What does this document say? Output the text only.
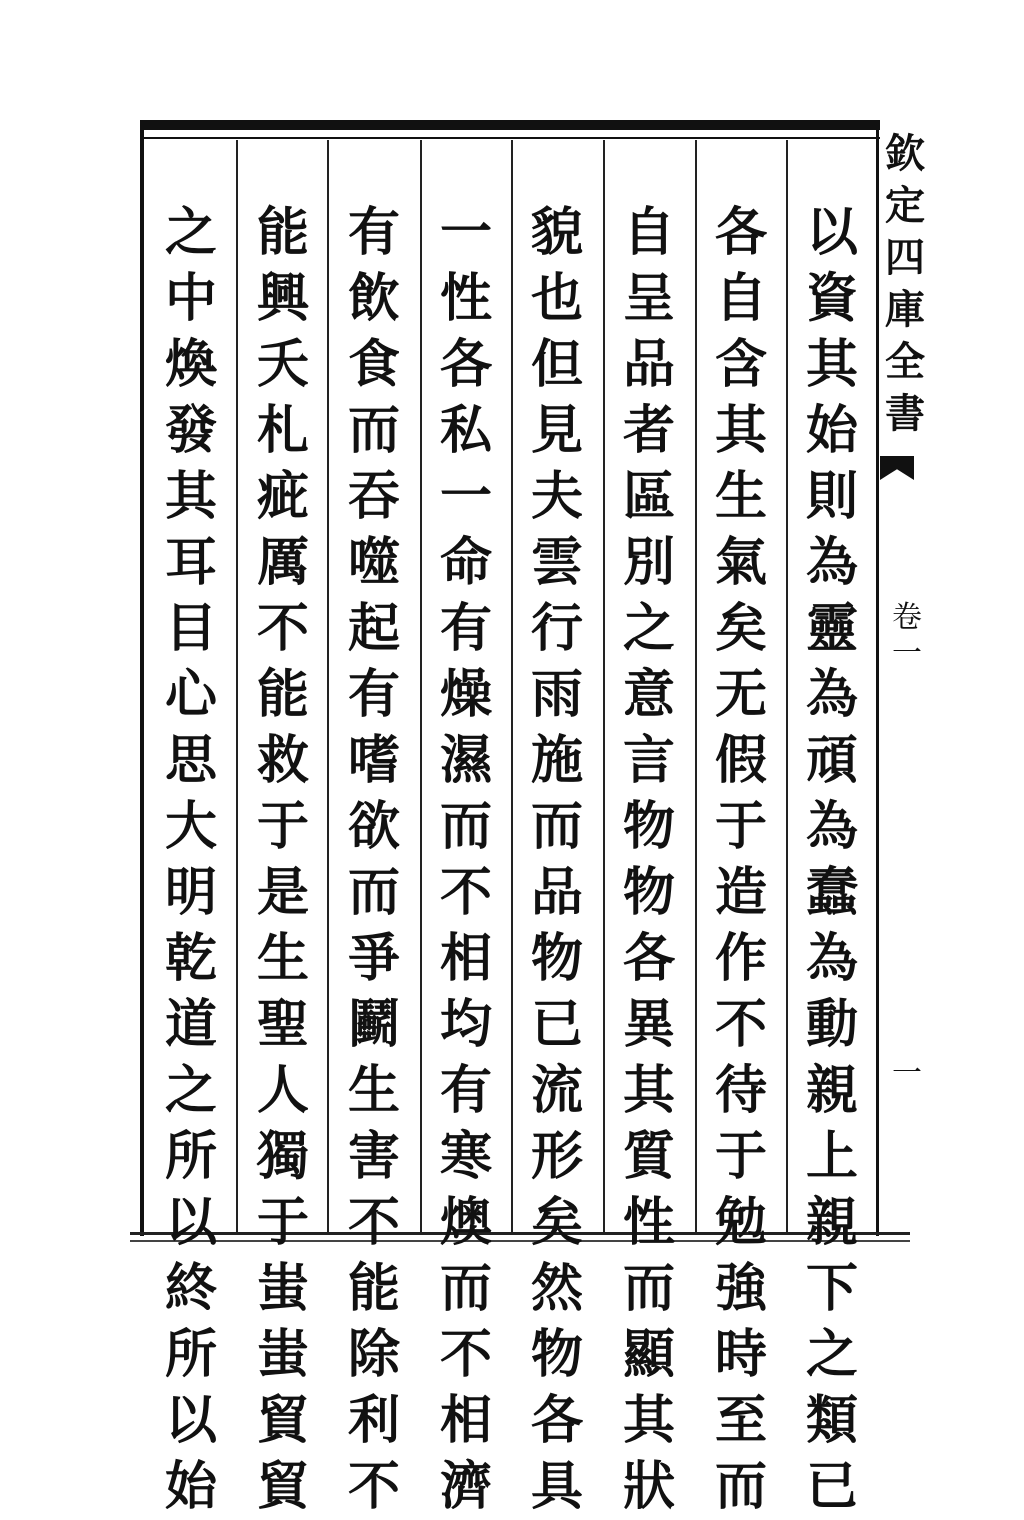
以
資
其
始
則
為
靈
為
頑
為
蠢
為
動
親
上
親
下
之
類
已
各
自
含
其
生
氣
矣
无
假
于
造
作
不
待
于
勉
強
時
至
而
自
呈
品
者
區
別
之
意
言
物
物
各
異
其
質
性
而
顯
其
狀
貌
也
但
見
夫
雲
行
雨
施
而
品
物
已
流
形
矣
然
物
各
具
一
性
各
私
一
命
有
燥
濕
而
不
相
均
有
寒
燠
而
不
相
濟
有
飲
食
而
吞
噬
起
有
嗜
欲
而
爭
鬬
生
害
不
能
除
利
不
能
興
夭
札
疵
厲
不
能
救
于
是
生
聖
人
獨
于
蚩
蚩
貿
貿
之
中
煥
發
其
耳
目
心
思
大
明
乾
道
之
所
以
終
所
以
始
欽
定
四
庫
全
書
卷
一
一
